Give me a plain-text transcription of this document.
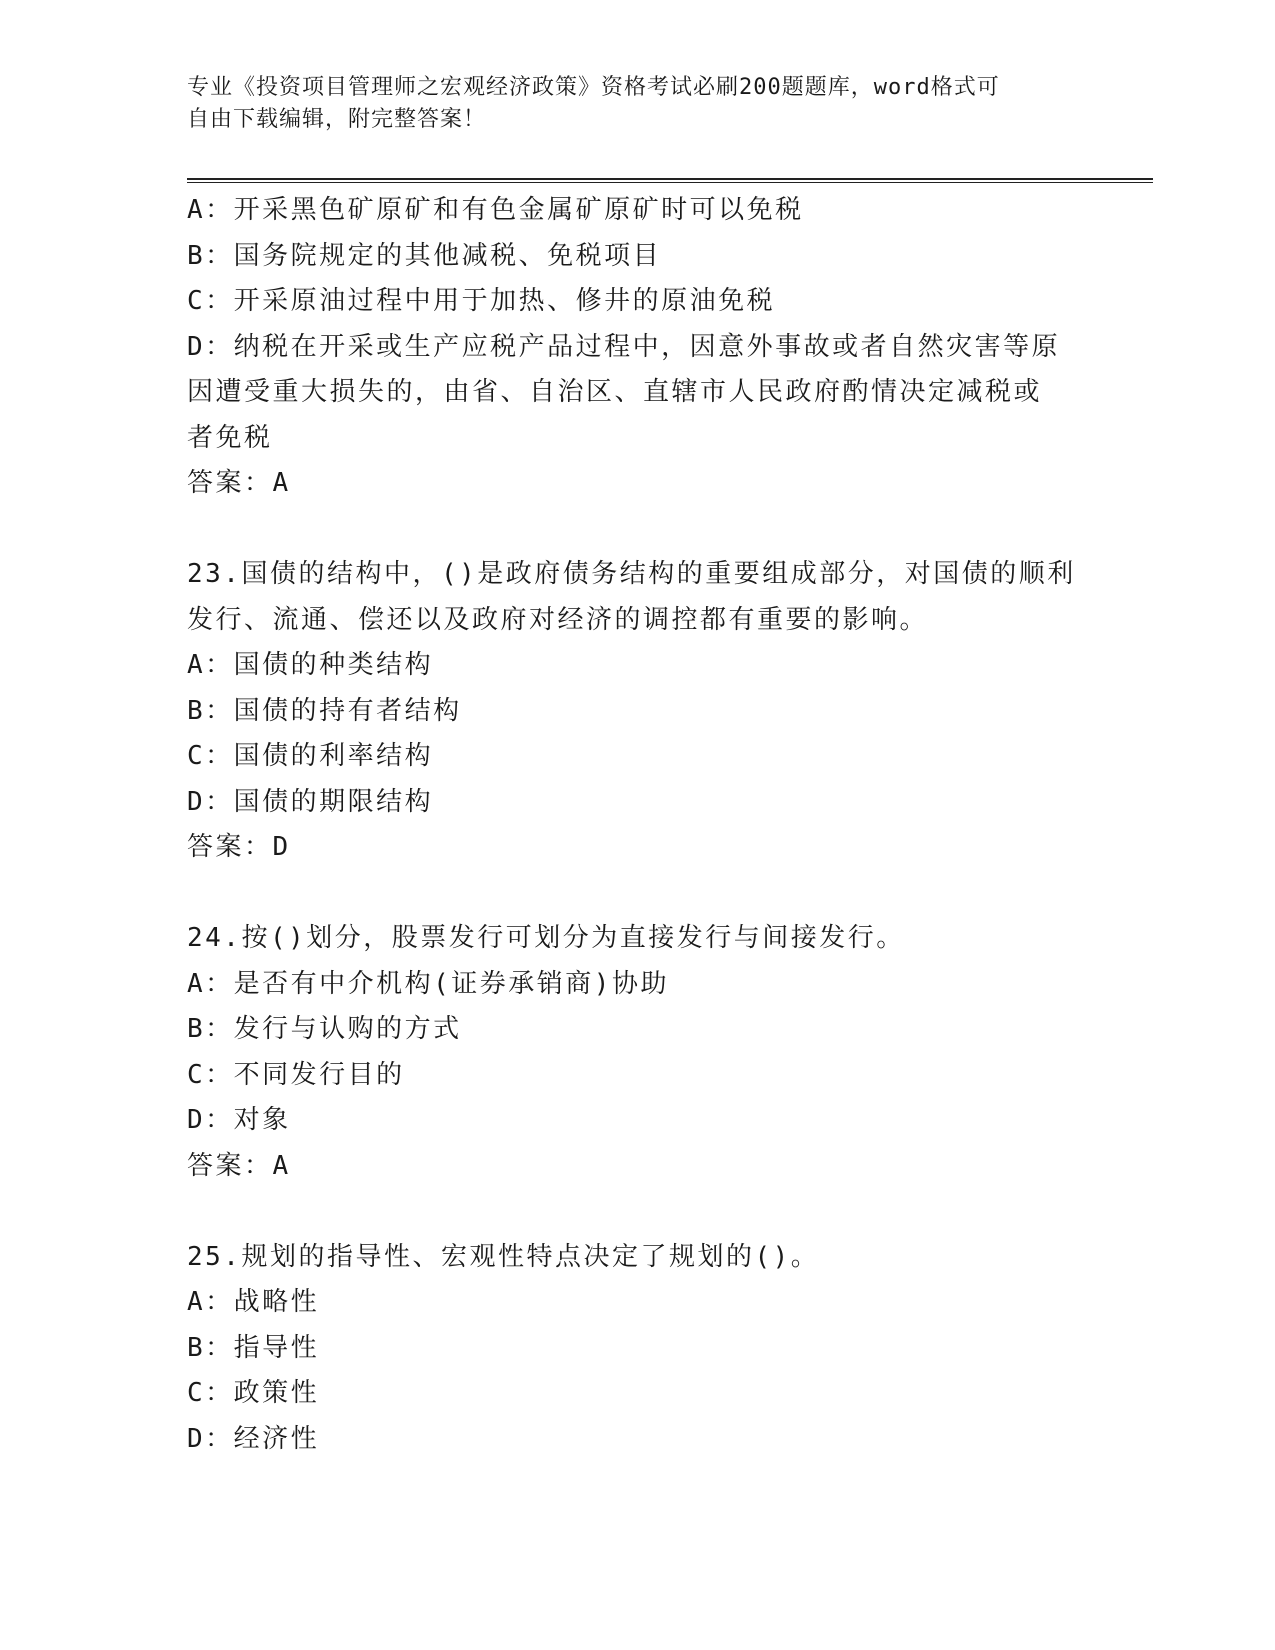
专业《投资项目管理师之宏观经济政策》资格考试必刷200题题库，word格式可
自由下载编辑，附完整答案！
A：开采黑色矿原矿和有色金属矿原矿时可以免税
B：国务院规定的其他减税、免税项目
C：开采原油过程中用于加热、修井的原油免税
D：纳税在开采或生产应税产品过程中，因意外事故或者自然灾害等原
因遭受重大损失的，由省、自治区、直辖市人民政府酌情决定减税或
者免税
答案：A
23.国债的结构中，()是政府债务结构的重要组成部分，对国债的顺利
发行、流通、偿还以及政府对经济的调控都有重要的影响。
A：国债的种类结构
B：国债的持有者结构
C：国债的利率结构
D：国债的期限结构
答案：D
24.按()划分，股票发行可划分为直接发行与间接发行。
A：是否有中介机构(证券承销商)协助
B：发行与认购的方式
C：不同发行目的
D：对象
答案：A
25.规划的指导性、宏观性特点决定了规划的()。
A：战略性
B：指导性
C：政策性
D：经济性
